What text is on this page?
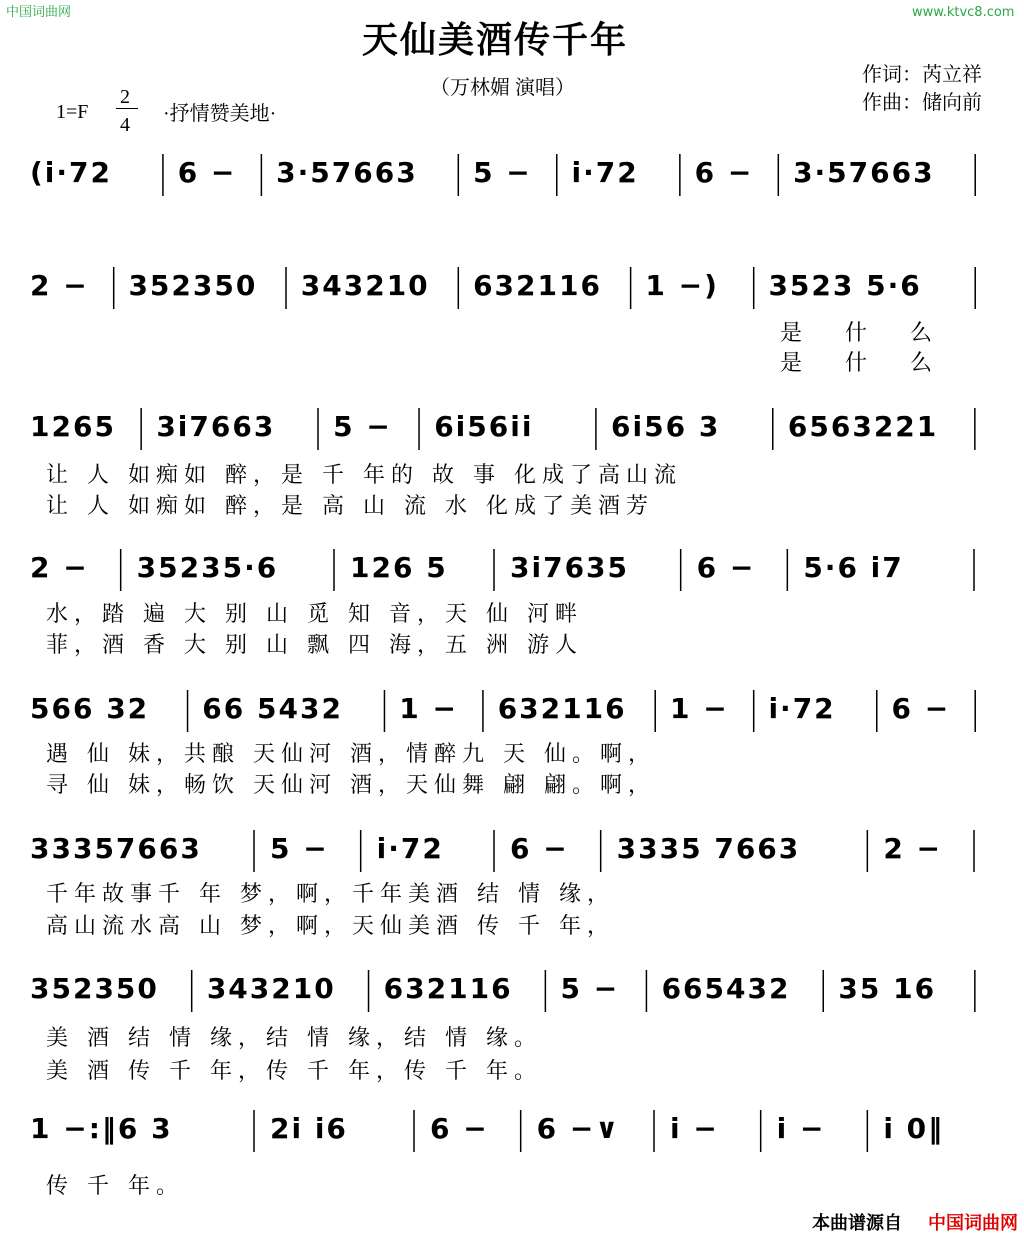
中国词曲网	www.ktvc8.com
天仙美酒传千年
（万林媚 演唱）
作词：芮立祥
作曲：储向前
1=F
2
4 ·抒情赞美地·
(i·72 6 − 3·57663 5 − i·72 6 − 3·57663
2 − 352350 343210 632116 1 −) 3523 5·6
是 什 么
是 什 么
1265 3i7663 5 − 6i56ii	6i56 3 6563221
让 人 如痴如 醉，是 千 年的 故 事 化成了高山流
让 人 如痴如 醉，是 高 山 流 水 化成了美酒芳
2 − 35235·6	126 5 3i7635 6 − 5·6 i7
水，踏 遍 大 别 山 觅 知 音，天 仙 河畔
菲，酒 香 大 别 山 飘 四 海，五 洲 游人
566 32 66 5432 1 − 632116 1 − i·72 6 −
遇 仙 妹，共酿 天仙河 酒，情醉九 天 仙。啊，
寻 仙 妹，畅饮 天仙河 酒，天仙舞 翩 翩。啊，
33357663 5 − i·72 6 − 3335 7663	2 −
千年故事千 年 梦，啊，千年美酒 结 情 缘，
高山流水高 山 梦，啊，天仙美酒 传 千 年，
352350 343210 632116 5 − 665432 35 16
美 酒 结 情 缘，结 情 缘，结 情 缘。
美 酒 传 千 年，传 千 年，传 千 年。
1 −:‖6 3	2i i6	6 − 6 −∨ i − i − i 0‖
传 千 年。
本曲谱源自 中国词曲网
